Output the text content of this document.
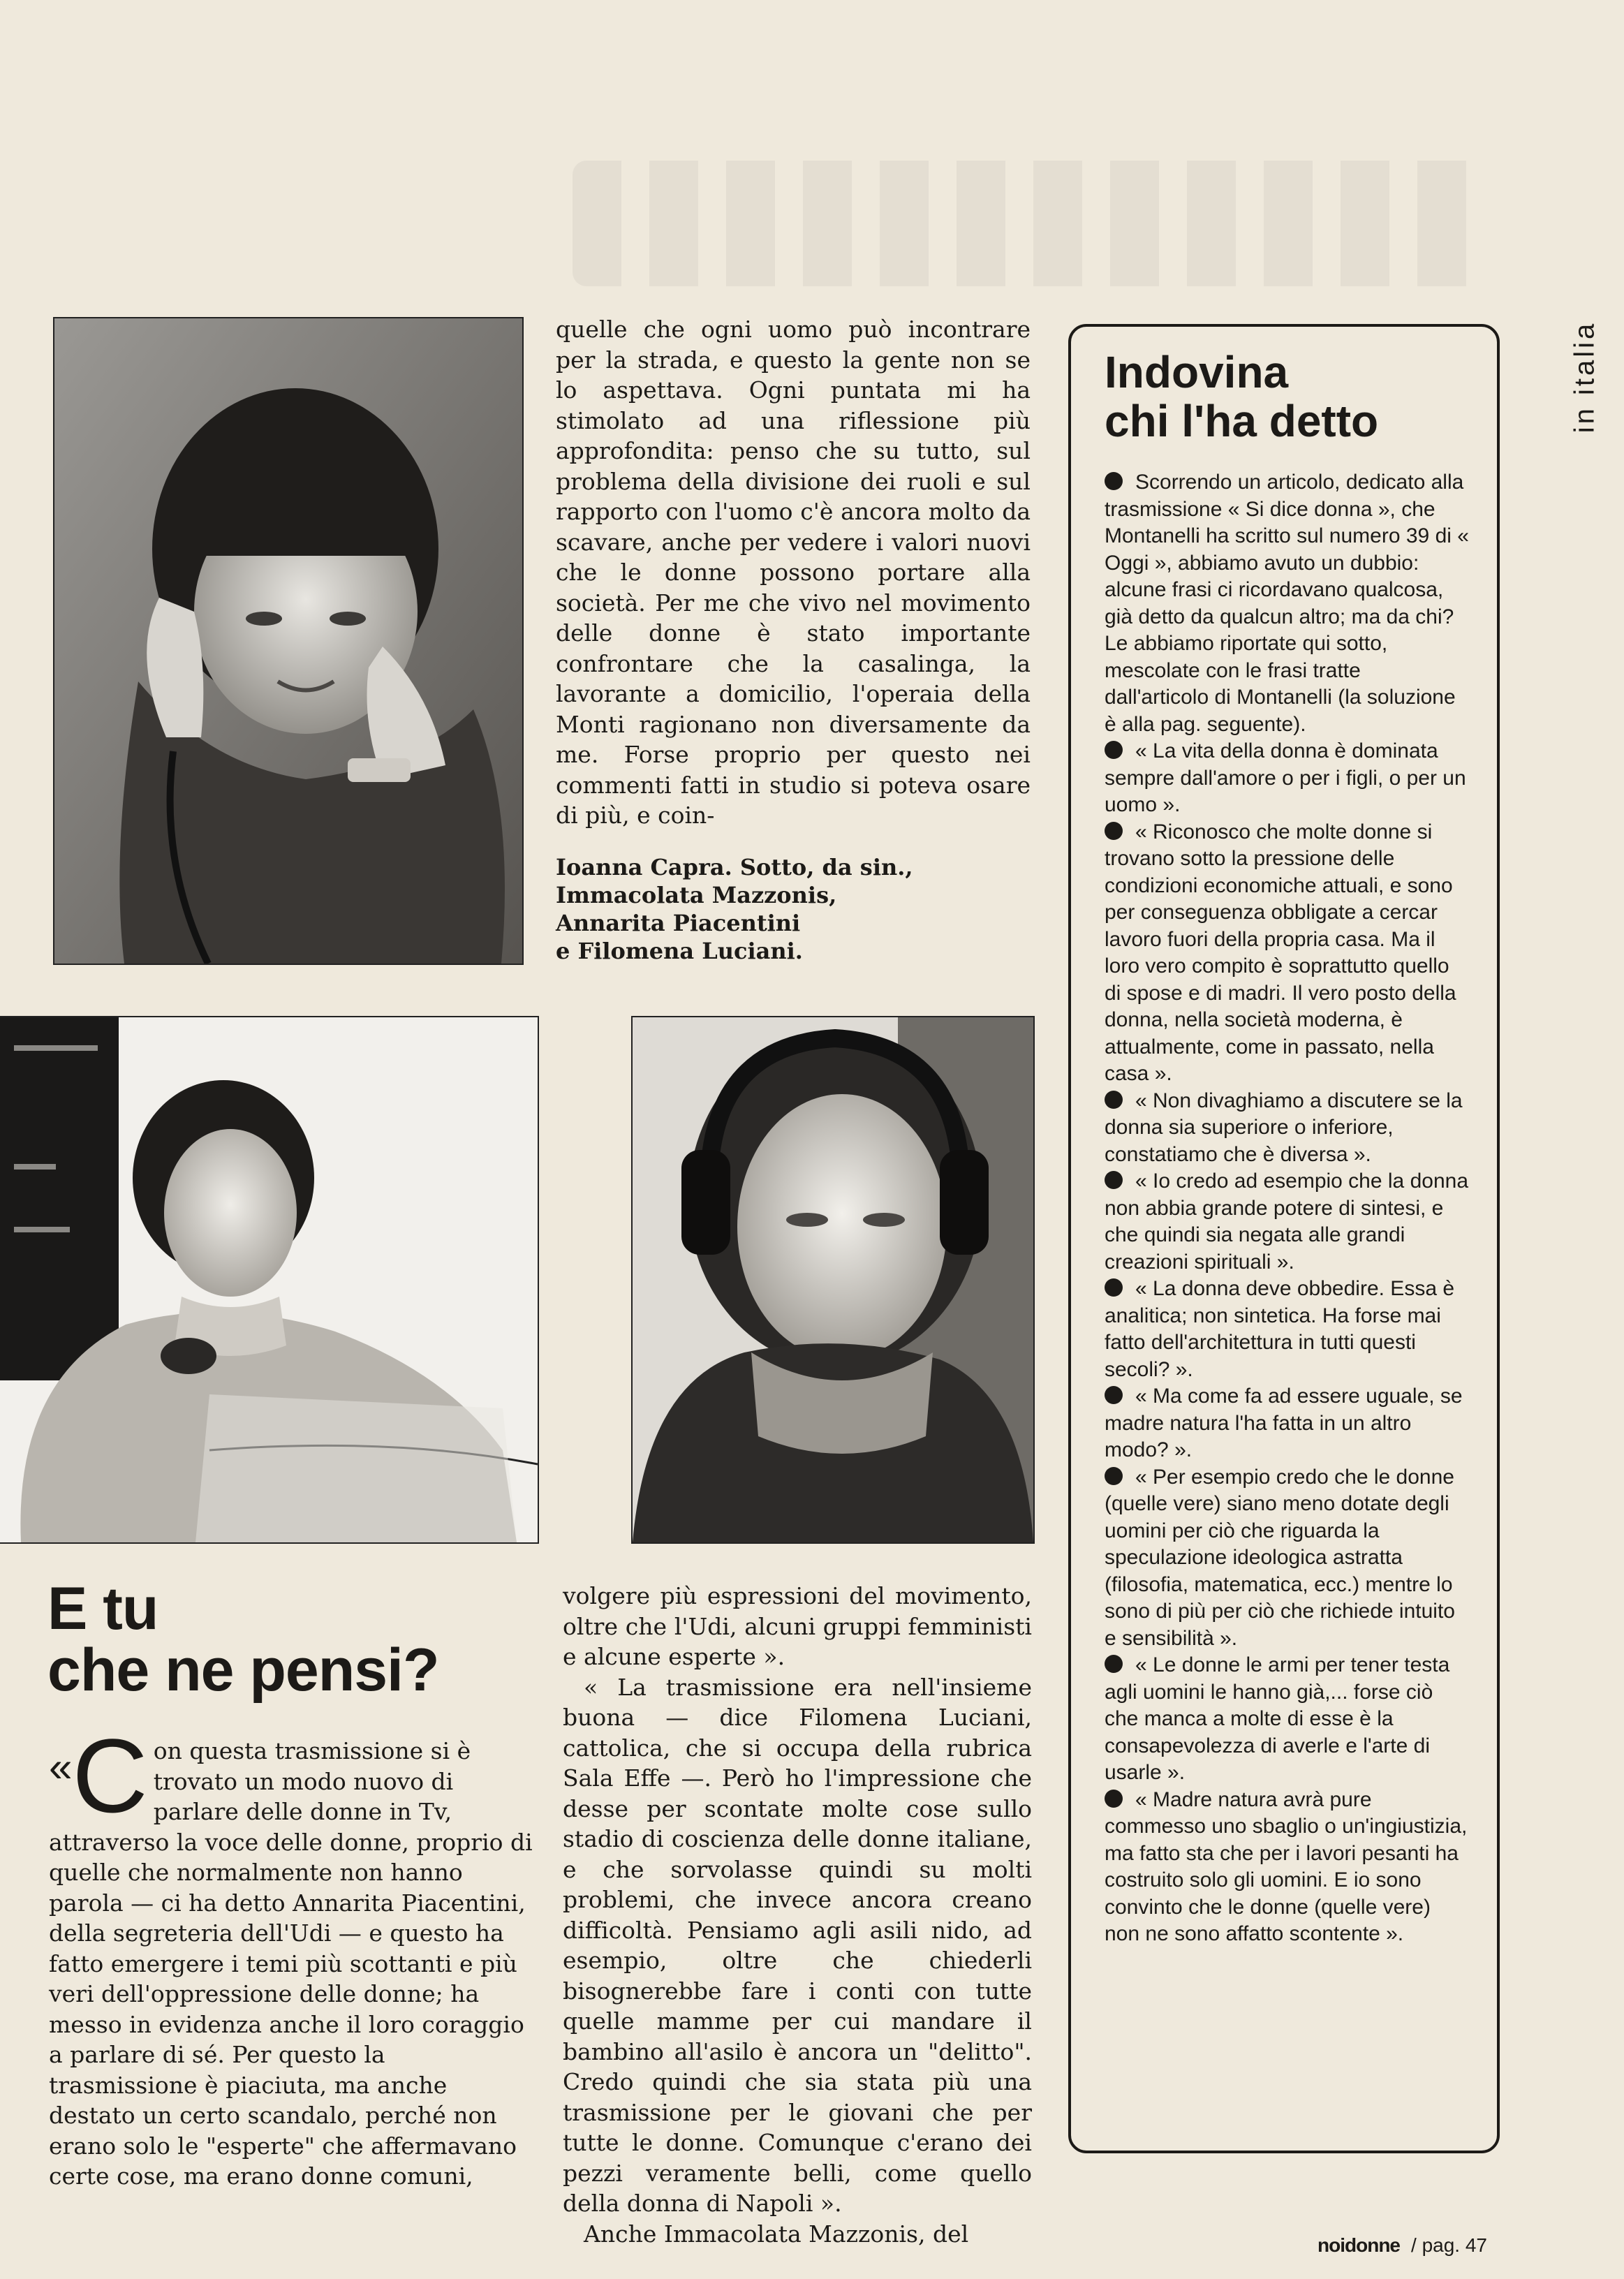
in italia

quelle che ogni uomo può incontrare per la strada, e questo la gente non se lo aspettava. Ogni puntata mi ha stimolato ad una riflessione più approfondita: penso che su tutto, sul problema della divisione dei ruoli e sul rapporto con l'uomo c'è ancora molto da scavare, anche per vedere i valori nuovi che le donne possono portare alla società. Per me che vivo nel movimento delle donne è stato importante confrontare che la casalinga, la lavorante a domicilio, l'operaia della Monti ragionano non diversamente da me. Forse proprio per questo nei commenti fatti in studio si poteva osare di più, e coin-

Ioanna Capra. Sotto, da sin.,
Immacolata Mazzonis,
Annarita Piacentini
e Filomena Luciani.
E tu
che ne pensi?
« C on questa trasmissione si è trovato un modo nuovo di parlare delle donne in Tv, attraverso la voce delle donne, proprio di quelle che normalmente non hanno parola — ci ha detto Annarita Piacentini, della segreteria dell'Udi — e questo ha fatto emergere i temi più scottanti e più veri dell'oppressione delle donne; ha messo in evidenza anche il loro coraggio a parlare di sé. Per questo la trasmissione è piaciuta, ma anche destato un certo scandalo, perché non erano solo le "esperte" che affermavano certe cose, ma erano donne comuni,

volgere più espressioni del movimento, oltre che l'Udi, alcuni gruppi femministi e alcune esperte ».

« La trasmissione era nell'insieme buona — dice Filomena Luciani, cattolica, che si occupa della rubrica Sala Effe —. Però ho l'impressione che desse per scontate molte cose sullo stadio di coscienza delle donne italiane, e che sorvolasse quindi su molti problemi, che invece ancora creano difficoltà. Pensiamo agli asili nido, ad esempio, oltre che chiederli bisognerebbe fare i conti con tutte quelle mamme per cui mandare il bambino all'asilo è ancora un "delitto". Credo quindi che sia stata più una trasmissione per le giovani che per tutte le donne. Comunque c'erano dei pezzi veramente belli, come quello della donna di Napoli ».

Anche Immacolata Mazzonis, del

Indovina
chi l'ha detto

Scorrendo un articolo, dedicato alla trasmissione « Si dice donna », che Montanelli ha scritto sul numero 39 di « Oggi », abbiamo avuto un dubbio: alcune frasi ci ricordavano qualcosa, già detto da qualcun altro; ma da chi? Le abbiamo riportate qui sotto, mescolate con le frasi tratte dall'articolo di Montanelli (la soluzione è alla pag. seguente).

« La vita della donna è dominata sempre dall'amore o per i figli, o per un uomo ».

« Riconosco che molte donne si trovano sotto la pressione delle condizioni economiche attuali, e sono per conseguenza obbligate a cercar lavoro fuori della propria casa. Ma il loro vero compito è soprattutto quello di spose e di madri. Il vero posto della donna, nella società moderna, è attualmente, come in passato, nella casa ».

« Non divaghiamo a discutere se la donna sia superiore o inferiore, constatiamo che è diversa ».

« Io credo ad esempio che la donna non abbia grande potere di sintesi, e che quindi sia negata alle grandi creazioni spirituali ».

« La donna deve obbedire. Essa è analitica; non sintetica. Ha forse mai fatto dell'architettura in tutti questi secoli? ».

« Ma come fa ad essere uguale, se madre natura l'ha fatta in un altro modo? ».

« Per esempio credo che le donne (quelle vere) siano meno dotate degli uomini per ciò che riguarda la speculazione ideologica astratta (filosofia, matematica, ecc.) mentre lo sono di più per ciò che richiede intuito e sensibilità ».

« Le donne le armi per tener testa agli uomini le hanno già,... forse ciò che manca a molte di esse è la consapevolezza di averle e l'arte di usarle ».

« Madre natura avrà pure commesso uno sbaglio o un'ingiustizia, ma fatto sta che per i lavori pesanti ha costruito solo gli uomini. E io sono convinto che le donne (quelle vere) non ne sono affatto scontente ».

noidonne / pag. 47
